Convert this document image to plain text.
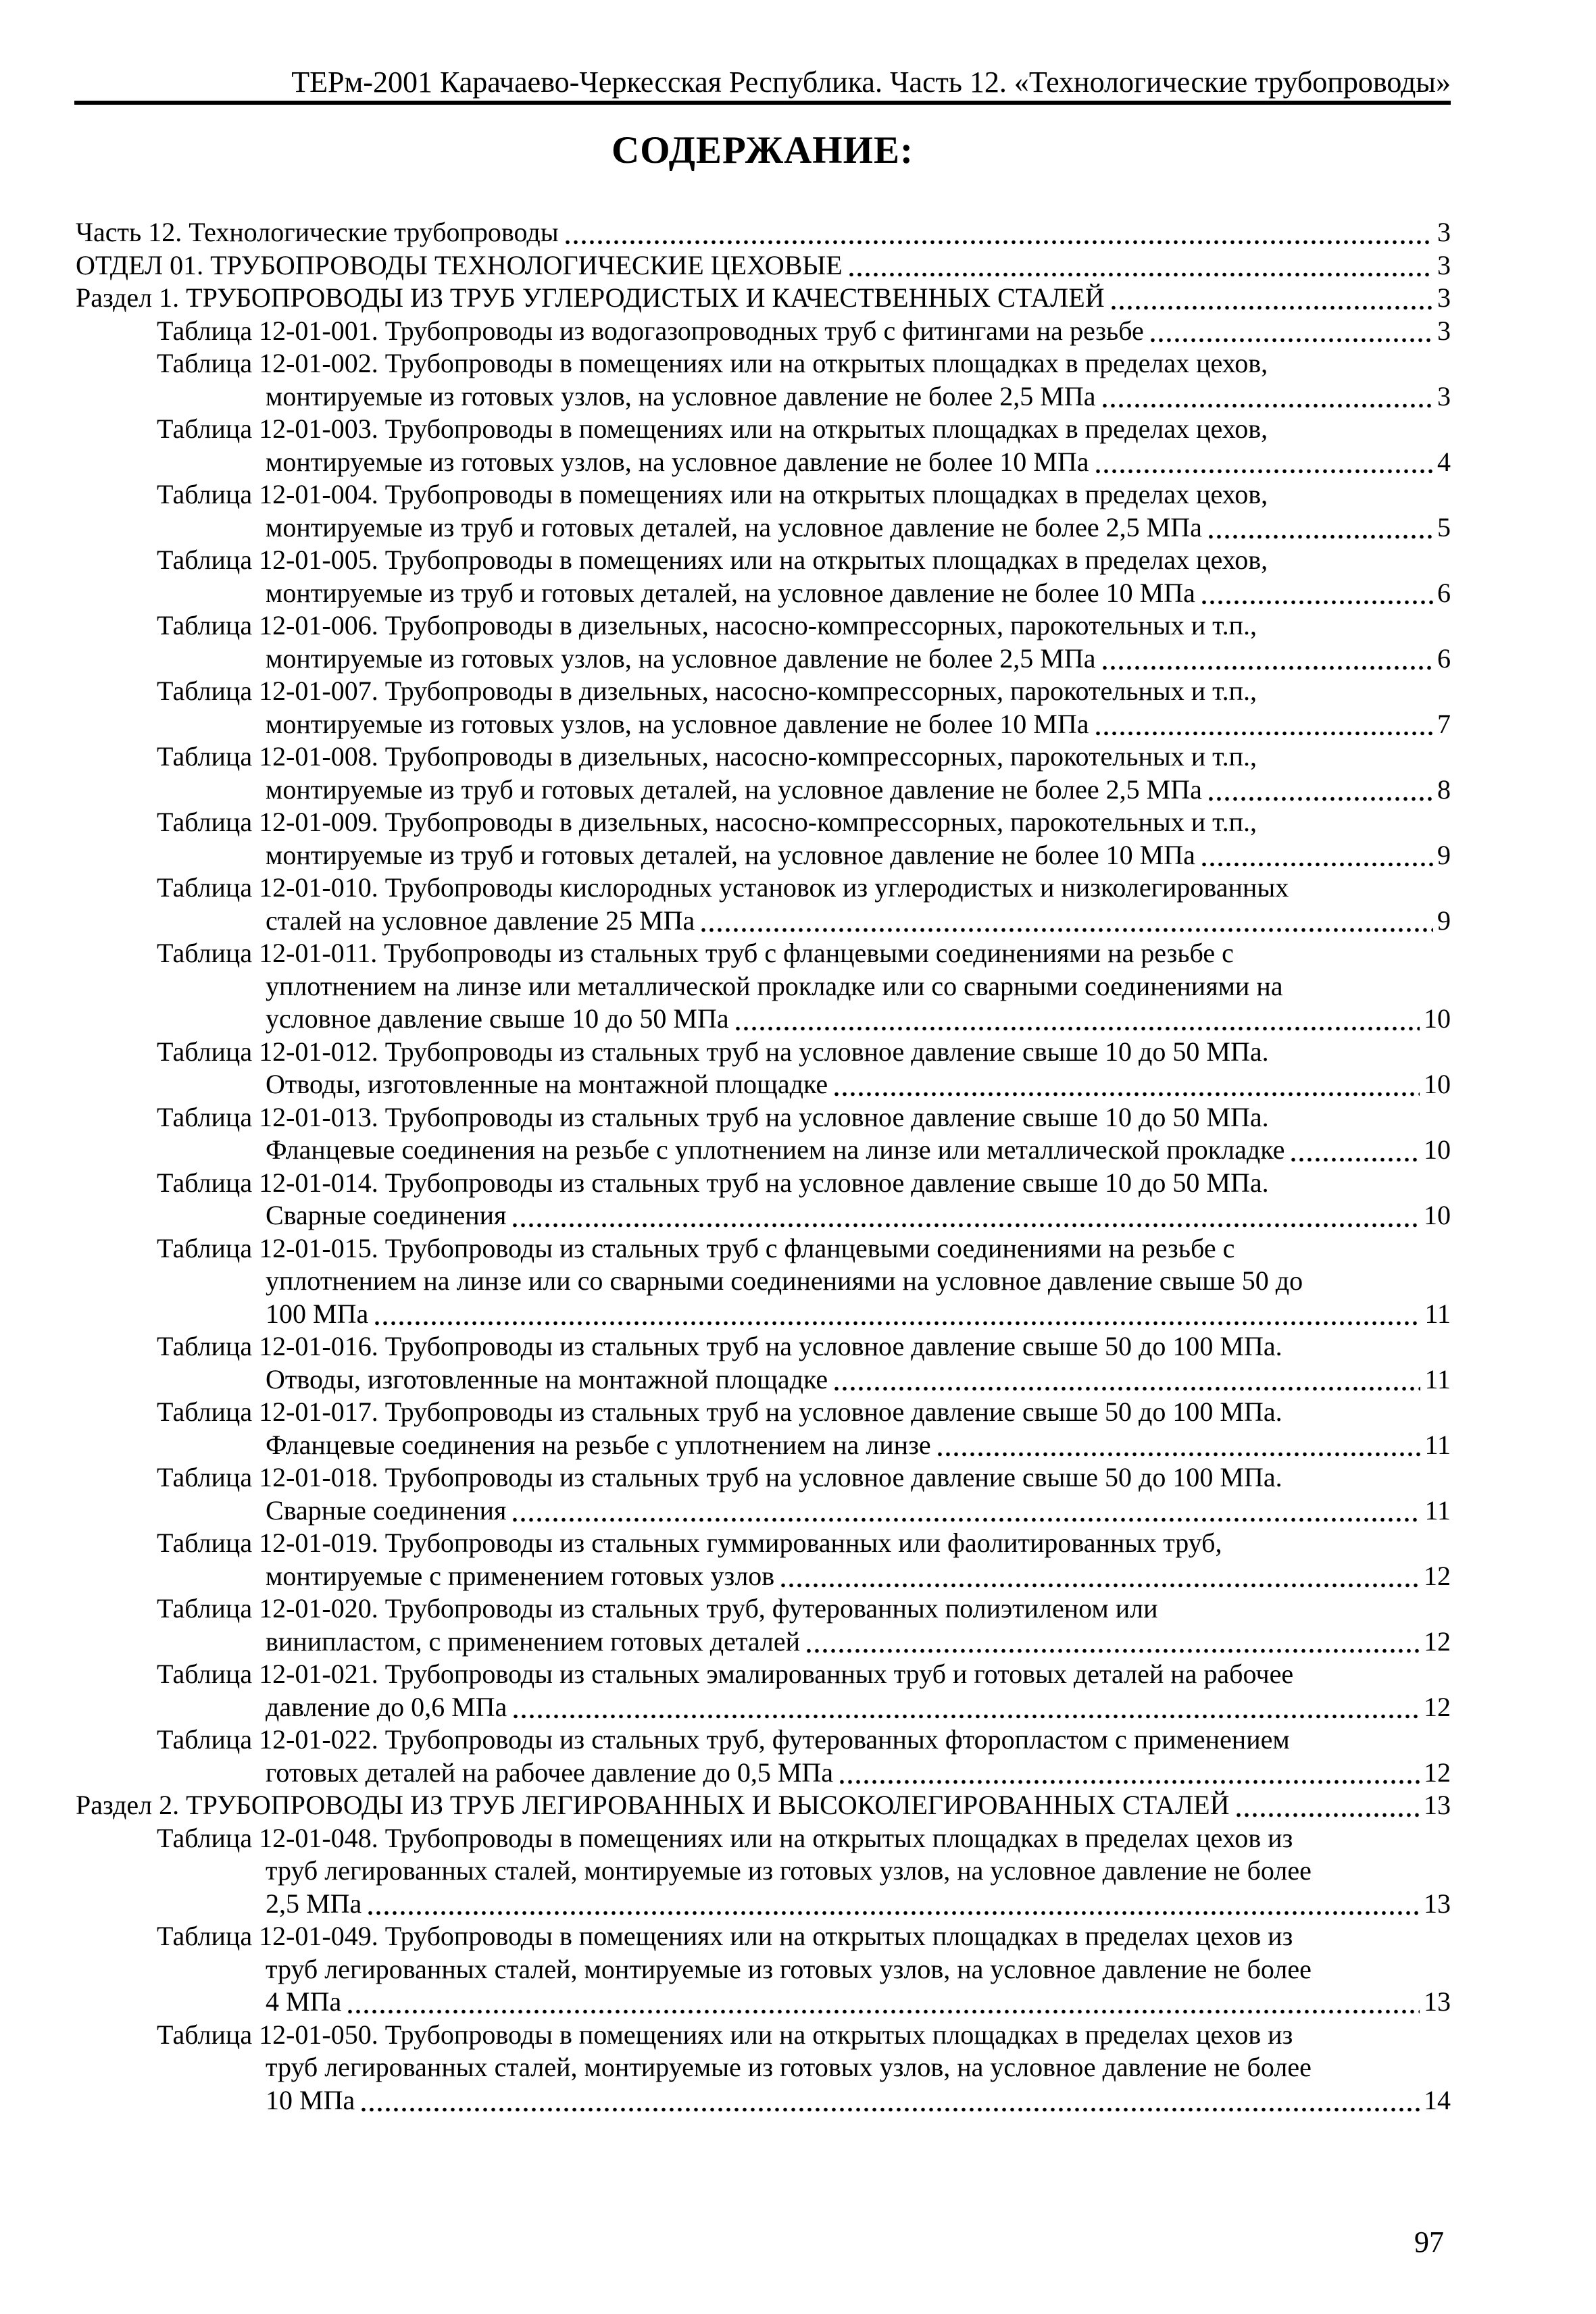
ТЕРм-2001 Карачаево-Черкесская Республика. Часть 12. «Технологические трубопроводы»
СОДЕРЖАНИЕ:
Часть 12. Технологические трубопроводы	3
ОТДЕЛ 01. ТРУБОПРОВОДЫ ТЕХНОЛОГИЧЕСКИЕ ЦЕХОВЫЕ	3
Раздел 1. ТРУБОПРОВОДЫ ИЗ ТРУБ УГЛЕРОДИСТЫХ И КАЧЕСТВЕННЫХ СТАЛЕЙ	3
Таблица 12-01-001. Трубопроводы из водогазопроводных труб с фитингами на резьбе	3
Таблица 12-01-002. Трубопроводы в помещениях или на открытых площадках в пределах цехов,
монтируемые из готовых узлов, на условное давление не более 2,5 МПа	3
Таблица 12-01-003. Трубопроводы в помещениях или на открытых площадках в пределах цехов,
монтируемые из готовых узлов, на условное давление не более 10 МПа	4
Таблица 12-01-004. Трубопроводы в помещениях или на открытых площадках в пределах цехов,
монтируемые из труб и готовых деталей, на условное давление не более 2,5 МПа	5
Таблица 12-01-005. Трубопроводы в помещениях или на открытых площадках в пределах цехов,
монтируемые из труб и готовых деталей, на условное давление не более 10 МПа	6
Таблица 12-01-006. Трубопроводы в дизельных, насосно-компрессорных, парокотельных и т.п.,
монтируемые из готовых узлов, на условное давление не более 2,5 МПа	6
Таблица 12-01-007. Трубопроводы в дизельных, насосно-компрессорных, парокотельных и т.п.,
монтируемые из готовых узлов, на условное давление не более 10 МПа	7
Таблица 12-01-008. Трубопроводы в дизельных, насосно-компрессорных, парокотельных и т.п.,
монтируемые из труб и готовых деталей, на условное давление не более 2,5 МПа	8
Таблица 12-01-009. Трубопроводы в дизельных, насосно-компрессорных, парокотельных и т.п.,
монтируемые из труб и готовых деталей, на условное давление не более 10 МПа	9
Таблица 12-01-010. Трубопроводы кислородных установок из углеродистых и низколегированных
сталей на условное давление 25 МПа	9
Таблица 12-01-011. Трубопроводы из стальных труб с фланцевыми соединениями на резьбе с
уплотнением на линзе или металлической прокладке или со сварными соединениями на
условное давление свыше 10 до 50 МПа	10
Таблица 12-01-012. Трубопроводы из стальных труб на условное давление свыше 10 до 50 МПа.
Отводы, изготовленные на монтажной площадке	10
Таблица 12-01-013. Трубопроводы из стальных труб на условное давление свыше 10 до 50 МПа.
Фланцевые соединения на резьбе с уплотнением на линзе или металлической прокладке	10
Таблица 12-01-014. Трубопроводы из стальных труб на условное давление свыше 10 до 50 МПа.
Сварные соединения	10
Таблица 12-01-015. Трубопроводы из стальных труб с фланцевыми соединениями на резьбе с
уплотнением на линзе или со сварными соединениями на условное давление свыше 50 до
100 МПа	11
Таблица 12-01-016. Трубопроводы из стальных труб на условное давление свыше 50 до 100 МПа.
Отводы, изготовленные на монтажной площадке	11
Таблица 12-01-017. Трубопроводы из стальных труб на условное давление свыше 50 до 100 МПа.
Фланцевые соединения на резьбе с уплотнением на линзе	11
Таблица 12-01-018. Трубопроводы из стальных труб на условное давление свыше 50 до 100 МПа.
Сварные соединения	11
Таблица 12-01-019. Трубопроводы из стальных гуммированных или фаолитированных труб,
монтируемые с применением готовых узлов	12
Таблица 12-01-020. Трубопроводы из стальных труб, футерованных полиэтиленом или
винипластом, с применением готовых деталей	12
Таблица 12-01-021. Трубопроводы из стальных эмалированных труб и готовых деталей на рабочее
давление до 0,6 МПа	12
Таблица 12-01-022. Трубопроводы из стальных труб, футерованных фторопластом с применением
готовых деталей на рабочее давление до 0,5 МПа	12
Раздел 2. ТРУБОПРОВОДЫ ИЗ ТРУБ ЛЕГИРОВАННЫХ И ВЫСОКОЛЕГИРОВАННЫХ СТАЛЕЙ	13
Таблица 12-01-048. Трубопроводы в помещениях или на открытых площадках в пределах цехов из
труб легированных сталей, монтируемые из готовых узлов, на условное давление не более
2,5 МПа	13
Таблица 12-01-049. Трубопроводы в помещениях или на открытых площадках в пределах цехов из
труб легированных сталей, монтируемые из готовых узлов, на условное давление не более
4 МПа	13
Таблица 12-01-050. Трубопроводы в помещениях или на открытых площадках в пределах цехов из
труб легированных сталей, монтируемые из готовых узлов, на условное давление не более
10 МПа	14
97
